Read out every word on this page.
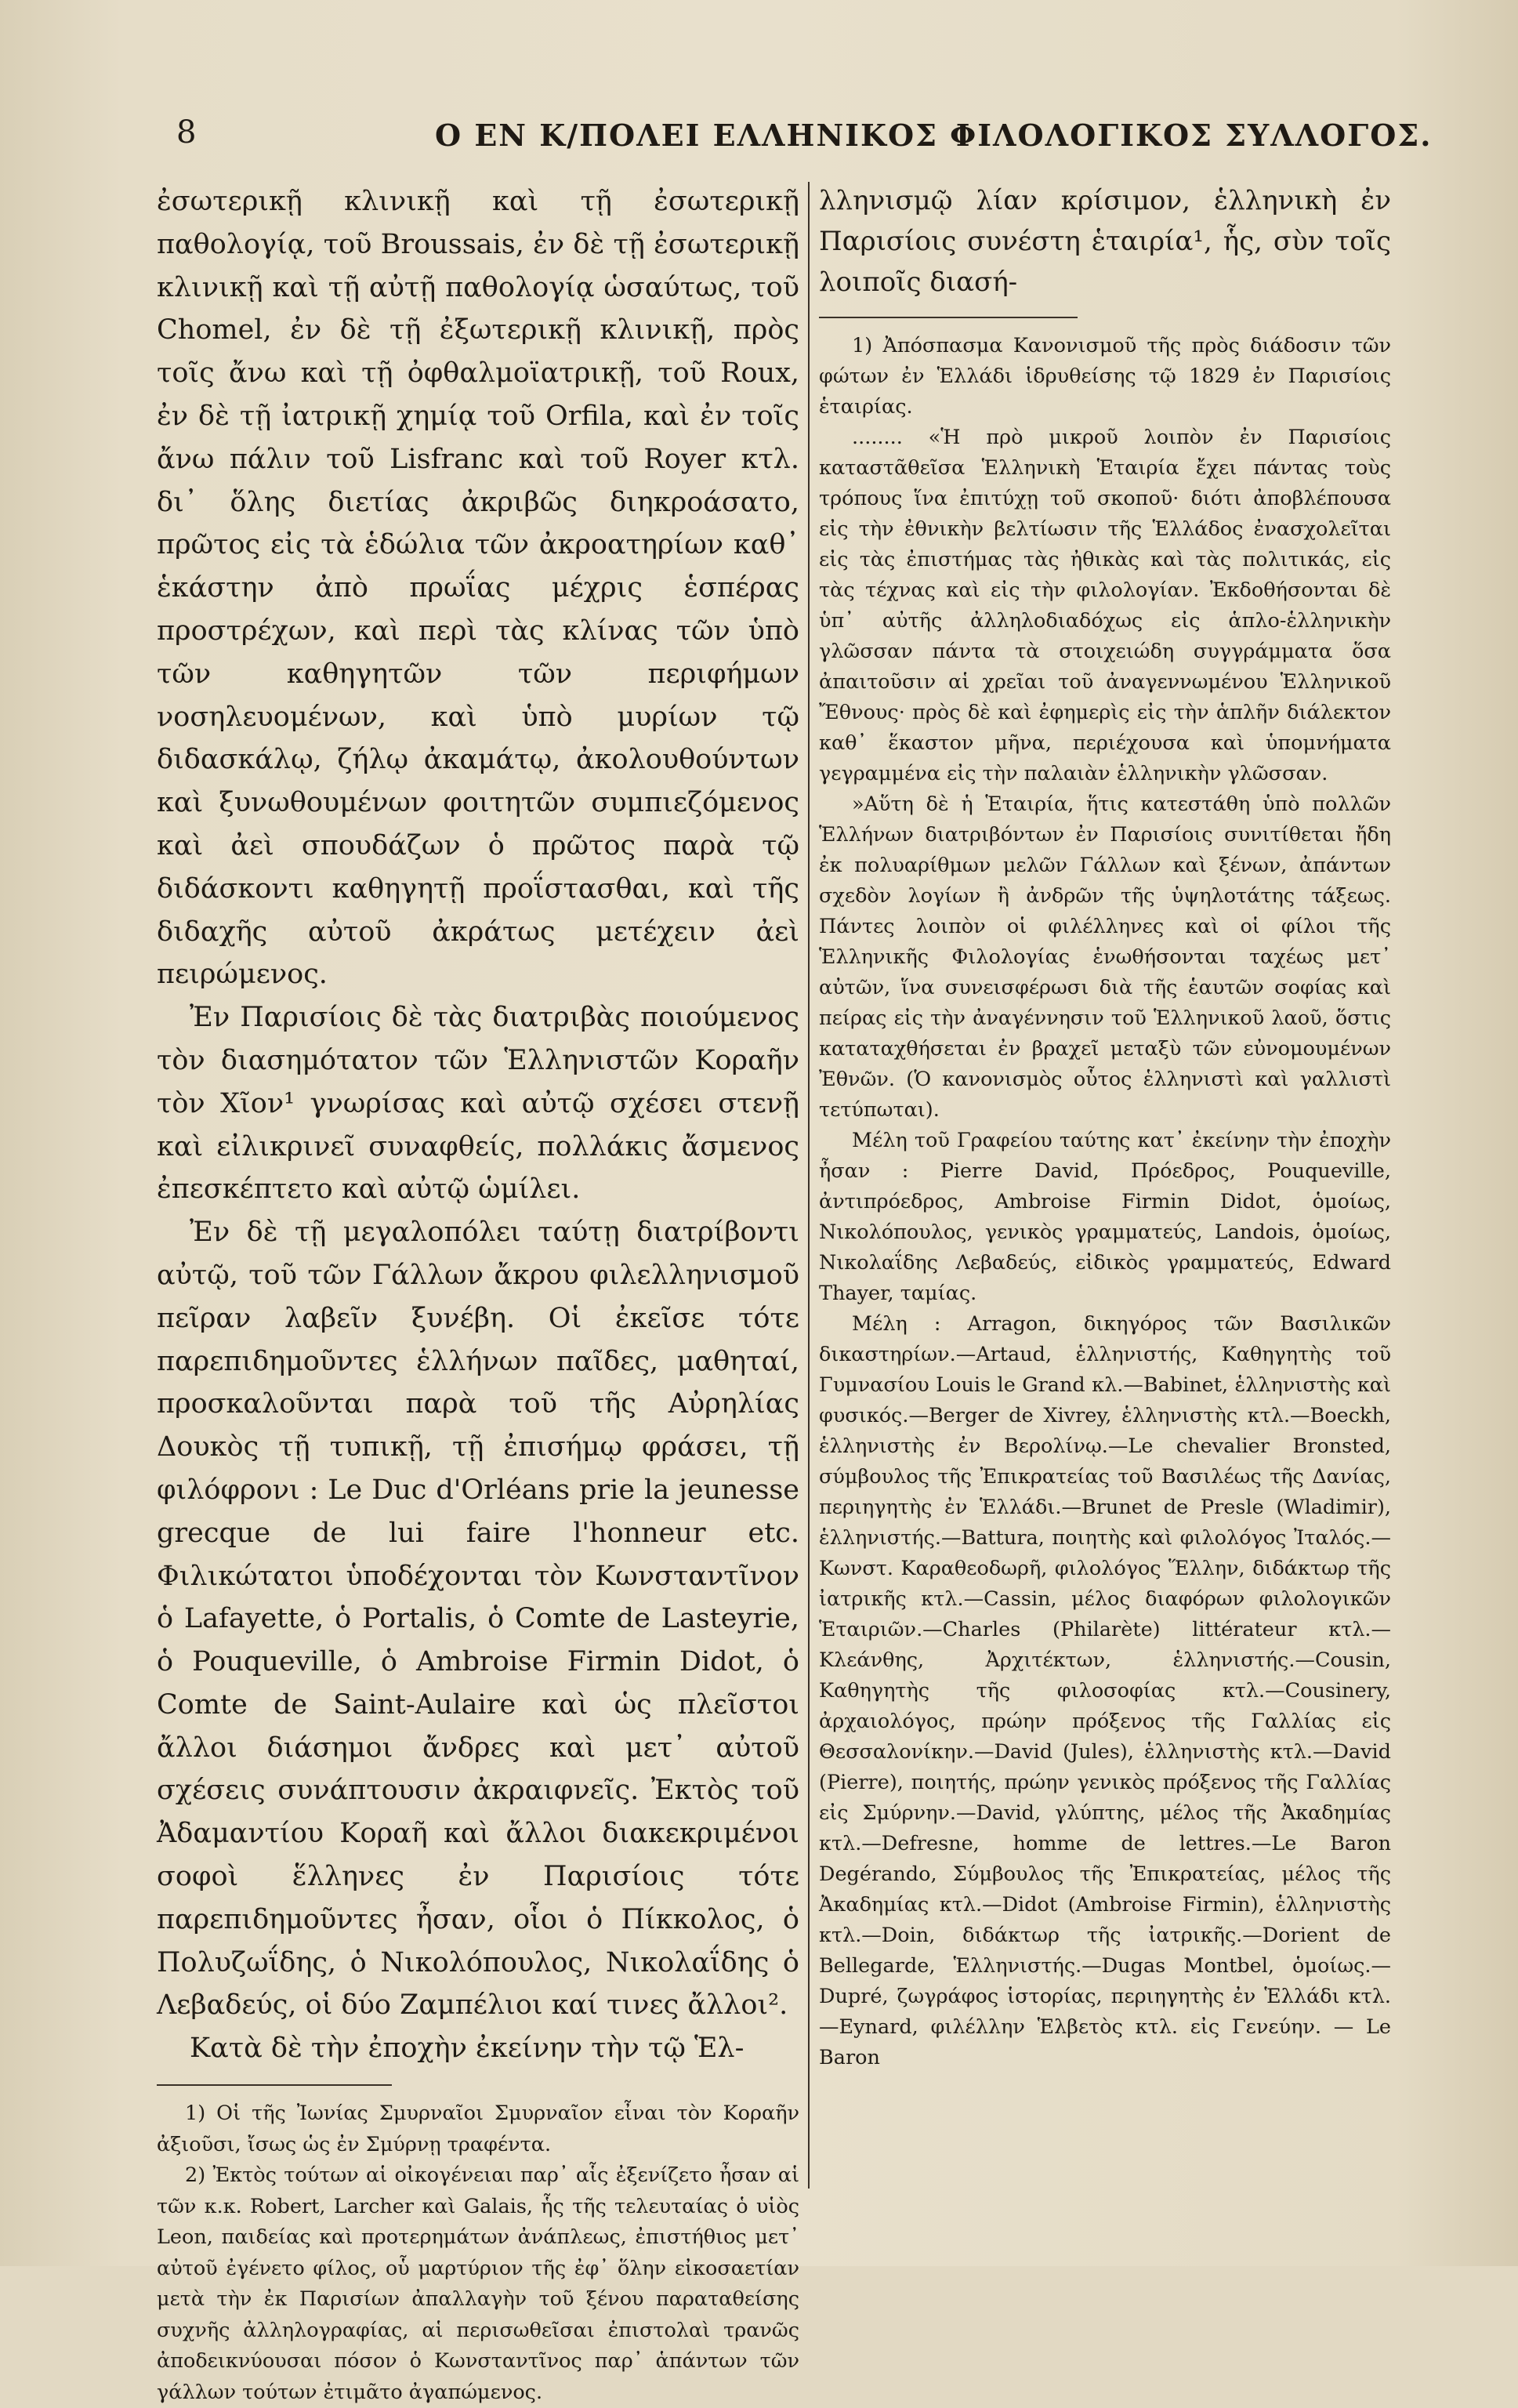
8	Ο ΕΝ Κ/ΠΟΛΕΙ ΕΛΛΗΝΙΚΟΣ ΦΙΛΟΛΟΓΙΚΟΣ ΣΥΛΛΟΓΟΣ.

ἐσωτερικῇ κλινικῇ καὶ τῇ ἐσωτερικῇ παθολογίᾳ, τοῦ Broussais, ἐν δὲ τῇ ἐσωτερικῇ κλινικῇ καὶ τῇ αὐτῇ παθολογίᾳ ὡσαύτως, τοῦ Chomel, ἐν δὲ τῇ ἐξωτερικῇ κλινικῇ, πρὸς τοῖς ἄνω καὶ τῇ ὀφθαλμοϊατρικῇ, τοῦ Roux, ἐν δὲ τῇ ἰατρικῇ χημίᾳ τοῦ Orfila, καὶ ἐν τοῖς ἄνω πάλιν τοῦ Lisfranc καὶ τοῦ Royer κτλ. δι᾽ ὅλης διετίας ἀκριβῶς διηκροάσατο, πρῶτος εἰς τὰ ἑδώλια τῶν ἀκροατηρίων καθ᾽ ἑκάστην ἀπὸ πρωΐας μέχρις ἑσπέρας προστρέχων, καὶ περὶ τὰς κλίνας τῶν ὑπὸ τῶν καθηγητῶν τῶν περιφήμων νοσηλευομένων, καὶ ὑπὸ μυρίων τῷ διδασκάλῳ, ζήλῳ ἀκαμάτῳ, ἀκολουθούντων καὶ ξυνωθουμένων φοιτητῶν συμπιεζόμενος καὶ ἀεὶ σπουδάζων ὁ πρῶτος παρὰ τῷ διδάσκοντι καθηγητῇ προΐστασθαι, καὶ τῆς διδαχῆς αὐτοῦ ἀκράτως μετέχειν ἀεὶ πειρώμενος.

Ἐν Παρισίοις δὲ τὰς διατριβὰς ποιούμενος τὸν διασημότατον τῶν Ἑλληνιστῶν Κοραῆν τὸν Χῖον¹ γνωρίσας καὶ αὐτῷ σχέσει στενῇ καὶ εἰλικρινεῖ συναφθείς, πολλάκις ἄσμενος ἐπεσκέπτετο καὶ αὐτῷ ὡμίλει.

Ἐν δὲ τῇ μεγαλοπόλει ταύτῃ διατρίβοντι αὐτῷ, τοῦ τῶν Γάλλων ἄκρου φιλελληνισμοῦ πεῖραν λαβεῖν ξυνέβη. Οἱ ἐκεῖσε τότε παρεπιδημοῦντες ἑλλήνων παῖδες, μαθηταί, προσκαλοῦνται παρὰ τοῦ τῆς Αὐρηλίας Δουκὸς τῇ τυπικῇ, τῇ ἐπισήμῳ φράσει, τῇ φιλόφρονι : Le Duc d'Orléans prie la jeunesse grecque de lui faire l'honneur etc. Φιλικώτατοι ὑποδέχονται τὸν Κωνσταντῖνον ὁ Lafayette, ὁ Portalis, ὁ Comte de Lasteyrie, ὁ Pouqueville, ὁ Ambroise Firmin Didot, ὁ Comte de Saint-Aulaire καὶ ὡς πλεῖστοι ἄλλοι διάσημοι ἄνδρες καὶ μετ᾽ αὐτοῦ σχέσεις συνάπτουσιν ἀκραιφνεῖς. Ἐκτὸς τοῦ Ἀδαμαντίου Κοραῆ καὶ ἄλλοι διακεκριμένοι σοφοὶ ἕλληνες ἐν Παρισίοις τότε παρεπιδημοῦντες ἦσαν, οἷοι ὁ Πίκκολος, ὁ Πολυζωΐδης, ὁ Νικολόπουλος, Νικολαΐδης ὁ Λεβαδεύς, οἱ δύο Ζαμπέλιοι καί τινες ἄλλοι².

Κατὰ δὲ τὴν ἐποχὴν ἐκείνην τὴν τῷ Ἑλ-

1) Οἱ τῆς Ἰωνίας Σμυρναῖοι Σμυρναῖον εἶναι τὸν Κοραῆν ἀξιοῦσι, ἴσως ὡς ἐν Σμύρνῃ τραφέντα.

2) Ἐκτὸς τούτων αἱ οἰκογένειαι παρ᾽ αἷς ἐξενίζετο ἦσαν αἱ τῶν κ.κ. Robert, Larcher καὶ Galais, ἧς τῆς τελευταίας ὁ υἱὸς Leon, παιδείας καὶ προτερημάτων ἀνάπλεως, ἐπιστήθιος μετ᾽ αὐτοῦ ἐγένετο φίλος, οὗ μαρτύριον τῆς ἐφ᾽ ὅλην εἰκοσαετίαν μετὰ τὴν ἐκ Παρισίων ἀπαλλαγὴν τοῦ ξένου παραταθείσης συχνῆς ἀλληλογραφίας, αἱ περισωθεῖσαι ἐπιστολαὶ τρανῶς ἀποδεικνύουσαι πόσον ὁ Κωνσταντῖνος παρ᾽ ἁπάντων τῶν γάλλων τούτων ἐτιμᾶτο ἀγαπώμενος.

λληνισμῷ λίαν κρίσιμον, ἑλληνικὴ ἐν Παρισίοις συνέστη ἑταιρία¹, ἧς, σὺν τοῖς λοιποῖς διασή-

1) Ἀπόσπασμα Κανονισμοῦ τῆς πρὸς διάδοσιν τῶν φώτων ἐν Ἑλλάδι ἱδρυθείσης τῷ 1829 ἐν Παρισίοις ἑταιρίας.

........ «Ἡ πρὸ μικροῦ λοιπὸν ἐν Παρισίοις καταστᾶθεῖσα Ἑλληνικὴ Ἑταιρία ἔχει πάντας τοὺς τρόπους ἵνα ἐπιτύχῃ τοῦ σκοποῦ· διότι ἀποβλέπουσα εἰς τὴν ἐθνικὴν βελτίωσιν τῆς Ἑλλάδος ἐνασχολεῖται εἰς τὰς ἐπιστήμας τὰς ἠθικὰς καὶ τὰς πολιτικάς, εἰς τὰς τέχνας καὶ εἰς τὴν φιλολογίαν. Ἐκδοθήσονται δὲ ὑπ᾽ αὐτῆς ἀλληλοδιαδόχως εἰς ἁπλο-ἑλληνικὴν γλῶσσαν πάντα τὰ στοιχειώδη συγγράμματα ὅσα ἀπαιτοῦσιν αἱ χρεῖαι τοῦ ἀναγεννωμένου Ἑλληνικοῦ Ἔθνους· πρὸς δὲ καὶ ἐφημερὶς εἰς τὴν ἁπλῆν διάλεκτον καθ᾽ ἕκαστον μῆνα, περιέχουσα καὶ ὑπομνήματα γεγραμμένα εἰς τὴν παλαιὰν ἑλληνικὴν γλῶσσαν.

»Αὕτη δὲ ἡ Ἑταιρία, ἥτις κατεστάθη ὑπὸ πολλῶν Ἑλλήνων διατριβόντων ἐν Παρισίοις συνιτίθεται ἤδη ἐκ πολυαρίθμων μελῶν Γάλλων καὶ ξένων, ἀπάντων σχεδὸν λογίων ἢ ἀνδρῶν τῆς ὑψηλοτάτης τάξεως. Πάντες λοιπὸν οἱ φιλέλληνες καὶ οἱ φίλοι τῆς Ἑλληνικῆς Φιλολογίας ἑνωθήσονται ταχέως μετ᾽ αὐτῶν, ἵνα συνεισφέρωσι διὰ τῆς ἑαυτῶν σοφίας καὶ πείρας εἰς τὴν ἀναγέννησιν τοῦ Ἑλληνικοῦ λαοῦ, ὅστις καταταχθήσεται ἐν βραχεῖ μεταξὺ τῶν εὐνομουμένων Ἐθνῶν. (Ὁ κανονισμὸς οὗτος ἑλληνιστὶ καὶ γαλλιστὶ τετύπωται).

Μέλη τοῦ Γραφείου ταύτης κατ᾽ ἐκείνην τὴν ἐποχὴν ἦσαν : Pierre David, Πρόεδρος, Pouqueville, ἀντιπρόεδρος, Ambroise Firmin Didot, ὁμοίως, Νικολόπουλος, γενικὸς γραμματεύς, Landois, ὁμοίως, Νικολαΐδης Λεβαδεύς, εἰδικὸς γραμματεύς, Edward Thayer, ταμίας.

Μέλη : Arragon, δικηγόρος τῶν Βασιλικῶν δικαστηρίων.—Artaud, ἑλληνιστής, Καθηγητὴς τοῦ Γυμνασίου Louis le Grand κλ.—Babinet, ἑλληνιστὴς καὶ φυσικός.—Berger de Xivrey, ἑλληνιστὴς κτλ.—Boeckh, ἑλληνιστὴς ἐν Βερολίνῳ.—Le chevalier Bronsted, σύμβουλος τῆς Ἐπικρατείας τοῦ Βασιλέως τῆς Δανίας, περιηγητὴς ἐν Ἑλλάδι.—Brunet de Presle (Wladimir), ἑλληνιστής.—Battura, ποιητὴς καὶ φιλολόγος Ἰταλός.—Κωνστ. Καραθεοδωρῆ, φιλολόγος Ἕλλην, διδάκτωρ τῆς ἰατρικῆς κτλ.—Cassin, μέλος διαφόρων φιλολογικῶν Ἑταιριῶν.—Charles (Philarète) littérateur κτλ.—Κλεάνθης, Ἀρχιτέκτων, ἑλληνιστής.—Cousin, Καθηγητὴς τῆς φιλοσοφίας κτλ.—Cousinery, ἀρχαιολόγος, πρώην πρόξενος τῆς Γαλλίας εἰς Θεσσαλονίκην.—David (Jules), ἑλληνιστὴς κτλ.—David (Pierre), ποιητής, πρώην γενικὸς πρόξενος τῆς Γαλλίας εἰς Σμύρνην.—David, γλύπτης, μέλος τῆς Ἀκαδημίας κτλ.—Defresne, homme de lettres.—Le Baron Degérando, Σύμβουλος τῆς Ἐπικρατείας, μέλος τῆς Ἀκαδημίας κτλ.—Didot (Ambroise Firmin), ἑλληνιστὴς κτλ.—Doin, διδάκτωρ τῆς ἰατρικῆς.—Dorient de Bellegarde, Ἑλληνιστής.—Dugas Montbel, ὁμοίως.—Dupré, ζωγράφος ἱστορίας, περιηγητὴς ἐν Ἑλλάδι κτλ.—Eynard, φιλέλλην Ἑλβετὸς κτλ. εἰς Γενεύην. — Le Baron
